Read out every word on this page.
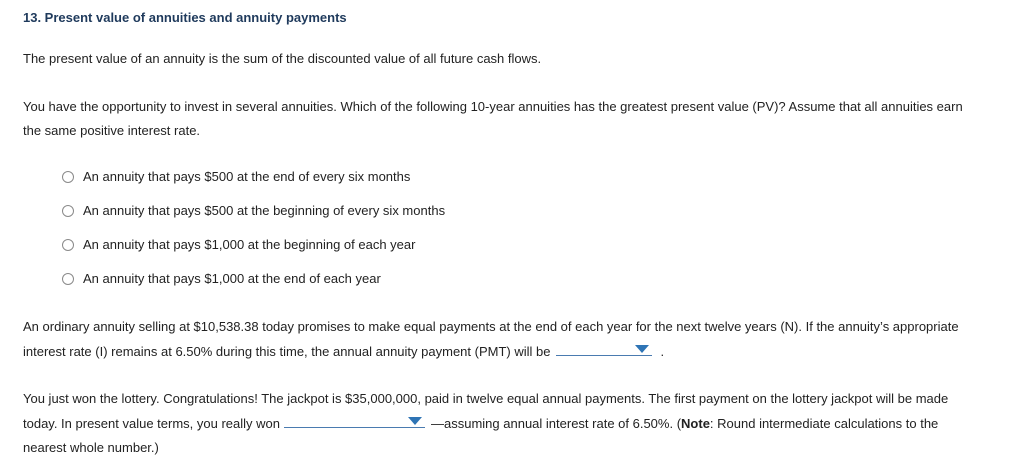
13. Present value of annuities and annuity payments
The present value of an annuity is the sum of the discounted value of all future cash flows.
You have the opportunity to invest in several annuities. Which of the following 10-year annuities has the greatest present value (PV)? Assume that all annuities earn the same positive interest rate.
An annuity that pays $500 at the end of every six months
An annuity that pays $500 at the beginning of every six months
An annuity that pays $1,000 at the beginning of each year
An annuity that pays $1,000 at the end of each year
An ordinary annuity selling at $10,538.38 today promises to make equal payments at the end of each year for the next twelve years (N). If the annuity’s appropriate interest rate (I) remains at 6.50% during this time, the annual annuity payment (PMT) will be	.
You just won the lottery. Congratulations! The jackpot is $35,000,000, paid in twelve equal annual payments. The first payment on the lottery jackpot will be made today. In present value terms, you really won	—assuming annual interest rate of 6.50%. (Note: Round intermediate calculations to the nearest whole number.)
